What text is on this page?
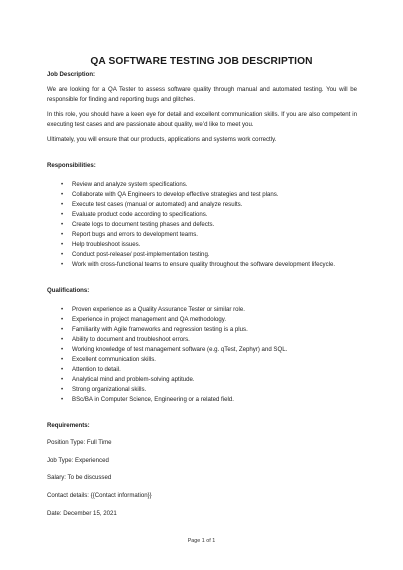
QA SOFTWARE TESTING JOB DESCRIPTION

Job Description:

We are looking for a QA Tester to assess software quality through manual and automated testing. You will be responsible for finding and reporting bugs and glitches.

In this role, you should have a keen eye for detail and excellent communication skills. If you are also competent in executing test cases and are passionate about quality, we’d like to meet you.

Ultimately, you will ensure that our products, applications and systems work correctly.

Responsibilities:

• Review and analyze system specifications.
• Collaborate with QA Engineers to develop effective strategies and test plans.
• Execute test cases (manual or automated) and analyze results.
• Evaluate product code according to specifications.
• Create logs to document testing phases and defects.
• Report bugs and errors to development teams.
• Help troubleshoot issues.
• Conduct post-release/ post-implementation testing.
• Work with cross-functional teams to ensure quality throughout the software development lifecycle.

Qualifications:

• Proven experience as a Quality Assurance Tester or similar role.
• Experience in project management and QA methodology.
• Familiarity with Agile frameworks and regression testing is a plus.
• Ability to document and troubleshoot errors.
• Working knowledge of test management software (e.g. qTest, Zephyr) and SQL.
• Excellent communication skills.
• Attention to detail.
• Analytical mind and problem-solving aptitude.
• Strong organizational skills.
• BSc/BA in Computer Science, Engineering or a related field.

Requirements:

Position Type: Full Time

Job Type: Experienced

Salary: To be discussed

Contact details: {{Contact information}}

Date: December 15, 2021

Page 1 of 1
